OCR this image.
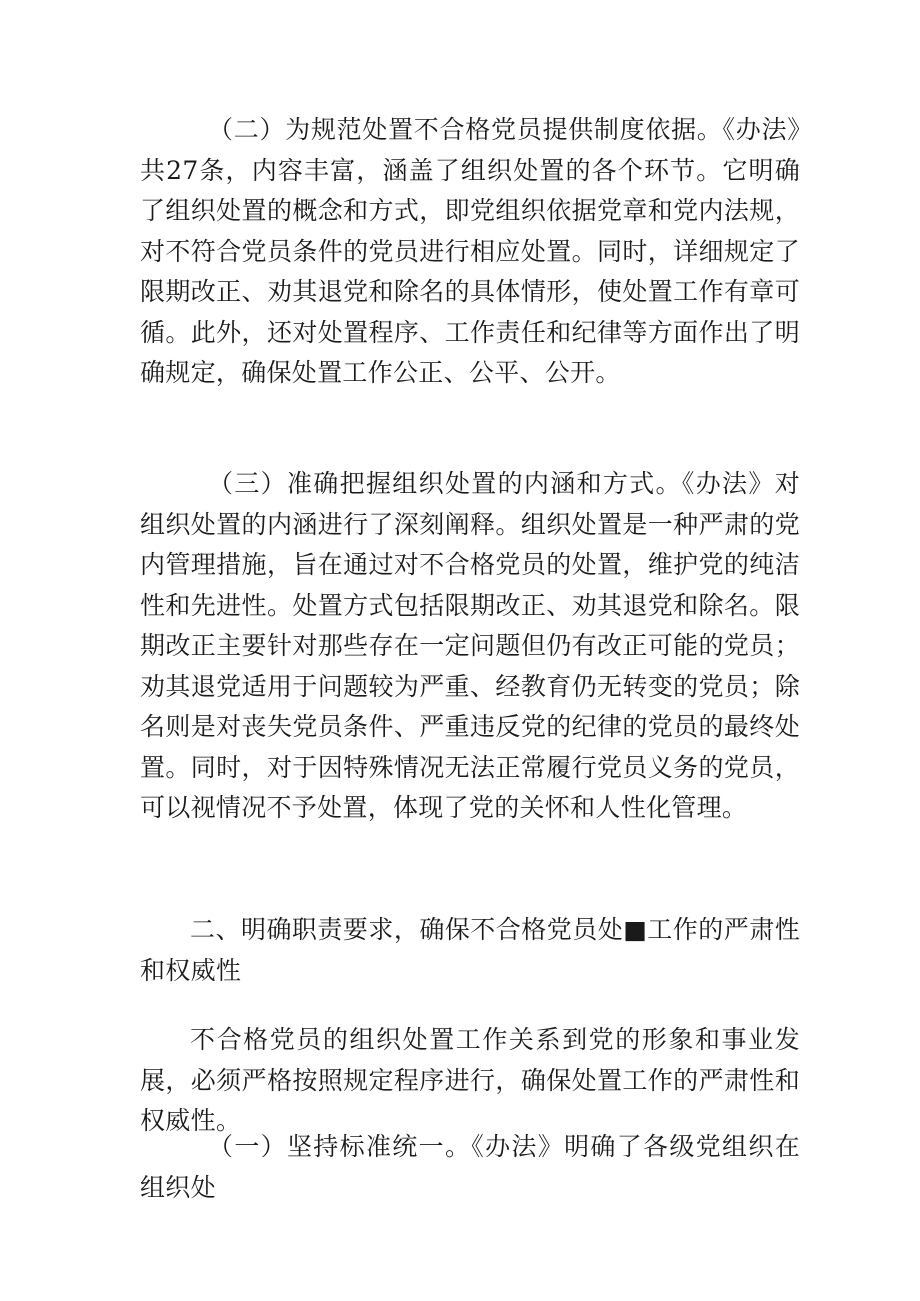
（二）为规范处置不合格党员提供制度依据。《办法》共27条，内容丰富，涵盖了组织处置的各个环节。它明确了组织处置的概念和方式，即党组织依据党章和党内法规，对不符合党员条件的党员进行相应处置。同时，详细规定了限期改正、劝其退党和除名的具体情形，使处置工作有章可循。此外，还对处置程序、工作责任和纪律等方面作出了明确规定，确保处置工作公正、公平、公开。

（三）准确把握组织处置的内涵和方式。《办法》对组织处置的内涵进行了深刻阐释。组织处置是一种严肃的党内管理措施，旨在通过对不合格党员的处置，维护党的纯洁性和先进性。处置方式包括限期改正、劝其退党和除名。限期改正主要针对那些存在一定问题但仍有改正可能的党员；劝其退党适用于问题较为严重、经教育仍无转变的党员；除名则是对丧失党员条件、严重违反党的纪律的党员的最终处置。同时，对于因特殊情况无法正常履行党员义务的党员，可以视情况不予处置，体现了党的关怀和人性化管理。

二、明确职责要求，确保不合格党员处■工作的严肃性和权威性

不合格党员的组织处置工作关系到党的形象和事业发展，必须严格按照规定程序进行，确保处置工作的严肃性和权威性。

（一）坚持标准统一。《办法》明确了各级党组织在组织处
